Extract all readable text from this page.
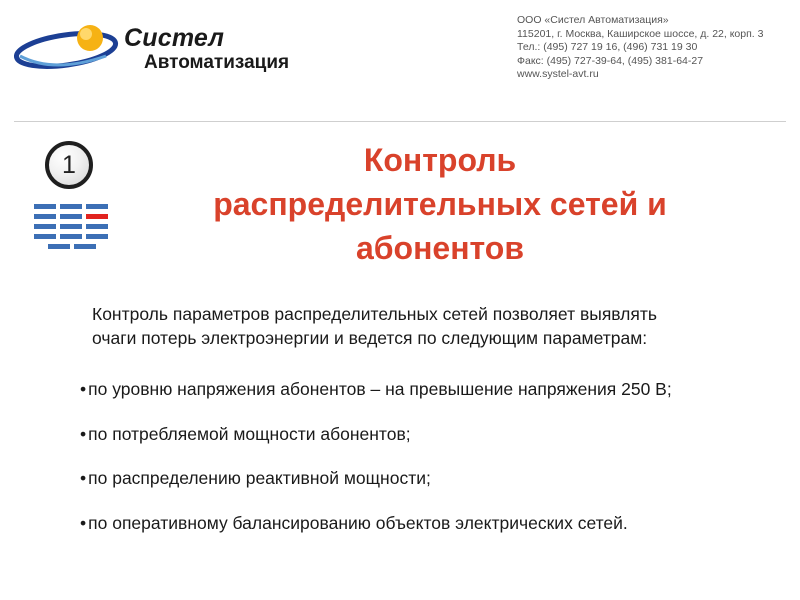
Систел
Автоматизация
ООО «Систел Автоматизация»
115201, г. Москва, Каширское шоссе, д. 22, корп. 3
Тел.: (495) 727 19 16, (496) 731 19 30
Факс: (495) 727-39-64, (495) 381-64-27
www.systel-avt.ru
1	Контроль
распределительных сетей и
абонентов

Контроль параметров распределительных сетей позволяет выявлять

очаги потерь электроэнергии и ведется по следующим параметрам:

• по уровню напряжения абонентов – на превышение напряжения 250 В;
• по потребляемой мощности абонентов;
• по распределению реактивной мощности;
• по оперативному балансированию объектов электрических сетей.
